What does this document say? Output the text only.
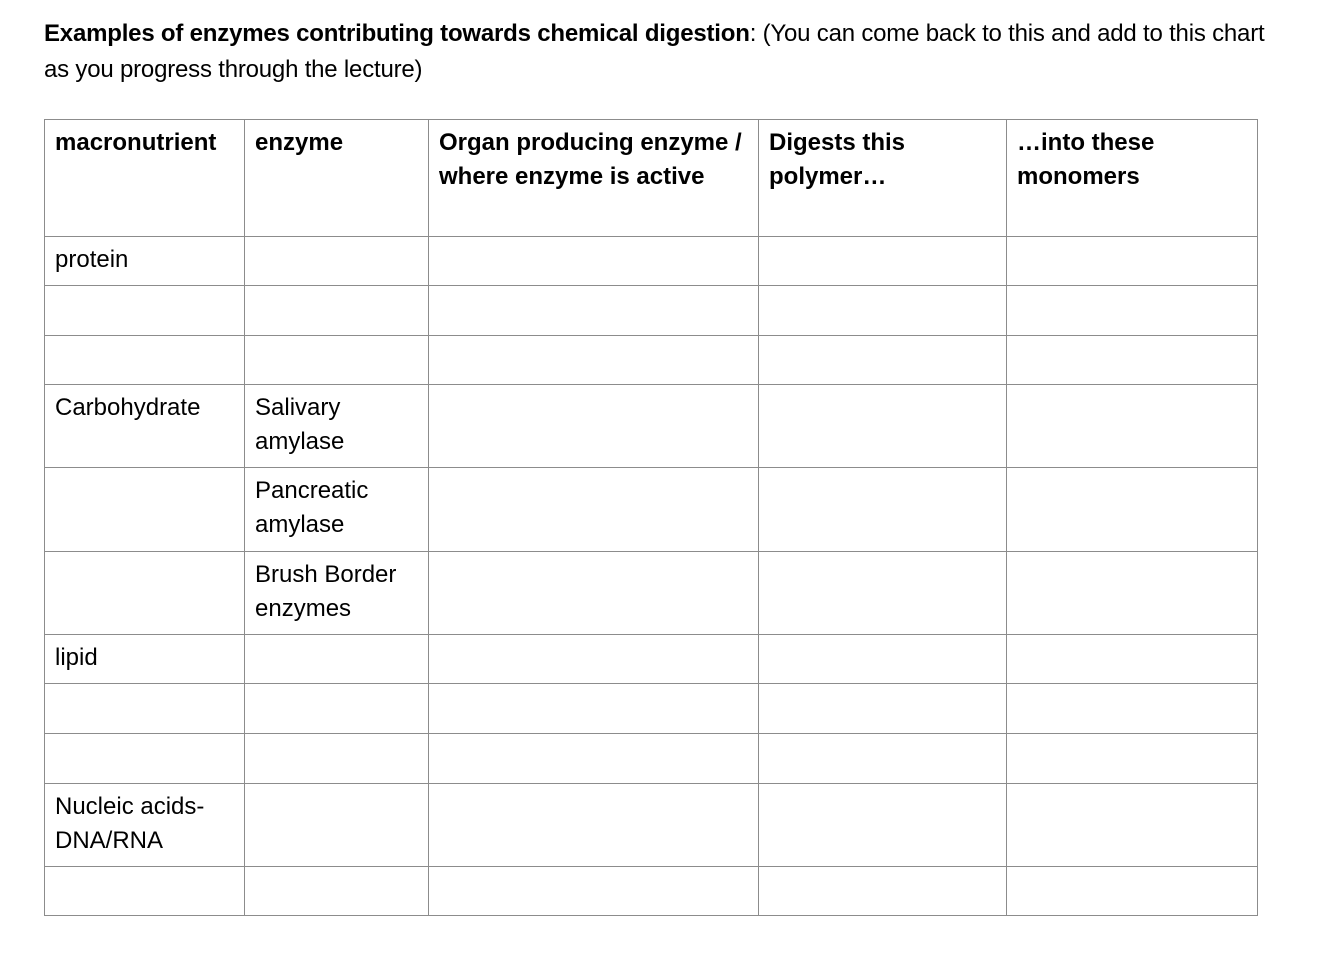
Examples of enzymes contributing towards chemical digestion: (You can come back to this and add to this chart as you progress through the lecture)
macronutrient	enzyme	Organ producing enzyme / where enzyme is active	Digests this polymer…	…into these monomers
protein				

Carbohydrate	Salivary amylase			
	Pancreatic amylase			
	Brush Border enzymes			
lipid				

Nucleic acids-DNA/RNA				
